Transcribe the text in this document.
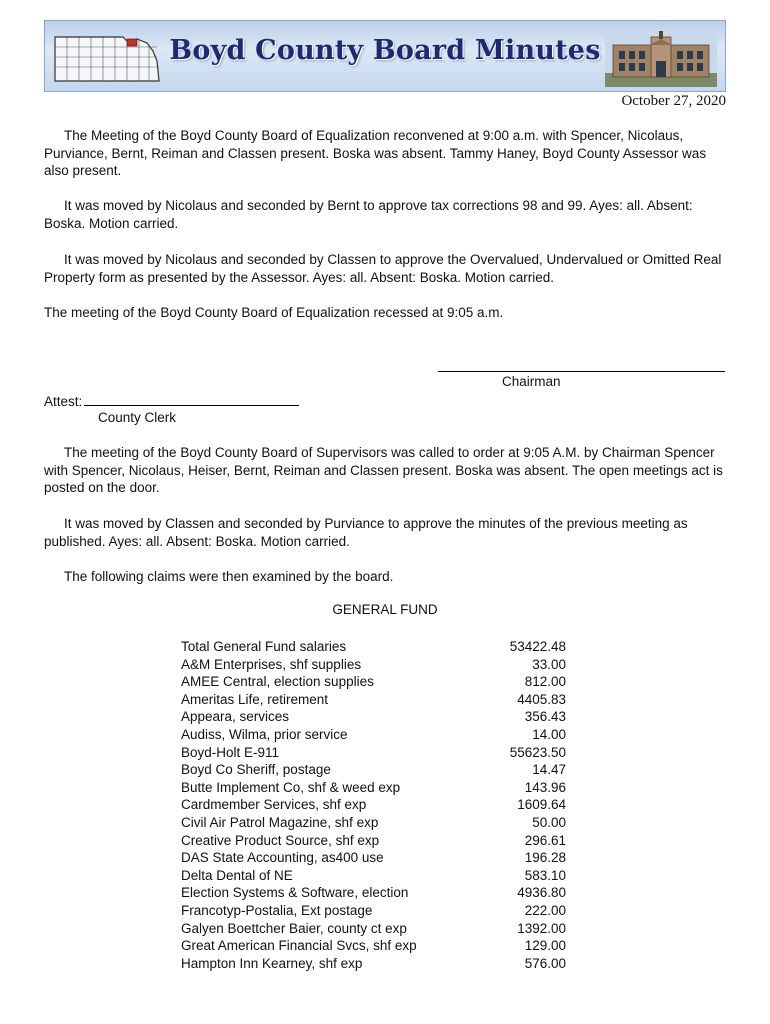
Boyd County Board Minutes
October 27, 2020

The Meeting of the Boyd County Board of Equalization reconvened at 9:00 a.m. with Spencer, Nicolaus, Purviance, Bernt, Reiman and Classen present. Boska was absent. Tammy Haney, Boyd County Assessor was also present.

It was moved by Nicolaus and seconded by Bernt to approve tax corrections 98 and 99. Ayes: all. Absent: Boska. Motion carried.

It was moved by Nicolaus and seconded by Classen to approve the Overvalued, Undervalued or Omitted Real Property form as presented by the Assessor. Ayes: all. Absent: Boska. Motion carried.

The meeting of the Boyd County Board of Equalization recessed at 9:05 a.m.

Chairman
Attest:
County Clerk

The meeting of the Boyd County Board of Supervisors was called to order at 9:05 A.M. by Chairman Spencer with Spencer, Nicolaus, Heiser, Bernt, Reiman and Classen present. Boska was absent. The open meetings act is posted on the door.

It was moved by Classen and seconded by Purviance to approve the minutes of the previous meeting as published. Ayes: all. Absent: Boska. Motion carried.

The following claims were then examined by the board.

GENERAL FUND
Total General Fund salaries	53422.48
A&M Enterprises, shf supplies	33.00
AMEE Central, election supplies	812.00
Ameritas Life, retirement	4405.83
Appeara, services	356.43
Audiss, Wilma, prior service	14.00
Boyd-Holt E-911	55623.50
Boyd Co Sheriff, postage	14.47
Butte Implement Co, shf & weed exp	143.96
Cardmember Services, shf exp	1609.64
Civil Air Patrol Magazine, shf exp	50.00
Creative Product Source, shf exp	296.61
DAS State Accounting, as400 use	196.28
Delta Dental of NE	583.10
Election Systems & Software, election	4936.80
Francotyp-Postalia, Ext postage	222.00
Galyen Boettcher Baier, county ct exp	1392.00
Great American Financial Svcs, shf exp	129.00
Hampton Inn Kearney, shf exp	576.00
